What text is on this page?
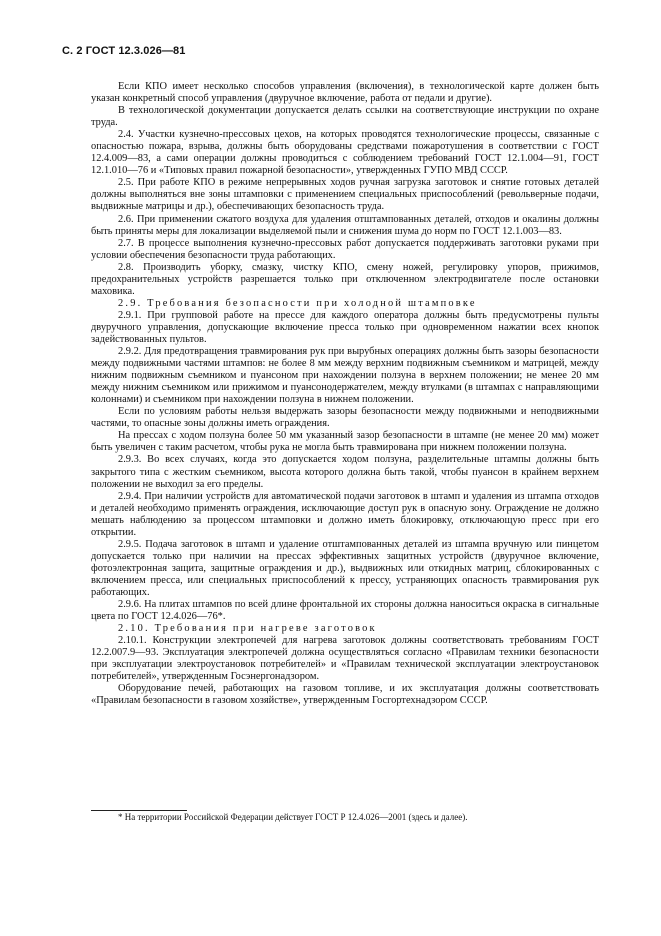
С. 2 ГОСТ 12.3.026—81

Если КПО имеет несколько способов управления (включения), в технологической карте должен быть указан конкретный способ управления (двуручное включение, работа от педали и другие).

В технологической документации допускается делать ссылки на соответствующие инструкции по охране труда.

2.4. Участки кузнечно-прессовых цехов, на которых проводятся технологические процессы, связанные с опасностью пожара, взрыва, должны быть оборудованы средствами пожаротушения в соответствии с ГОСТ 12.4.009—83, а сами операции должны проводиться с соблюдением требований ГОСТ 12.1.004—91, ГОСТ 12.1.010—76 и «Типовых правил пожарной безопасности», утвержденных ГУПО МВД СССР.

2.5. При работе КПО в режиме непрерывных ходов ручная загрузка заготовок и снятие готовых деталей должны выполняться вне зоны штамповки с применением специальных приспособлений (револьверные подачи, выдвижные матрицы и др.), обеспечивающих безопасность труда.

2.6. При применении сжатого воздуха для удаления отштампованных деталей, отходов и окалины должны быть приняты меры для локализации выделяемой пыли и снижения шума до норм по ГОСТ 12.1.003—83.

2.7. В процессе выполнения кузнечно-прессовых работ допускается поддерживать заготовки руками при условии обеспечения безопасности труда работающих.

2.8. Производить уборку, смазку, чистку КПО, смену ножей, регулировку упоров, прижимов, предохранительных устройств разрешается только при отключенном электродвигателе после остановки маховика.

2.9. Требования безопасности при холодной штамповке

2.9.1. При групповой работе на прессе для каждого оператора должны быть предусмотрены пульты двуручного управления, допускающие включение пресса только при одновременном нажатии всех кнопок задействованных пультов.

2.9.2. Для предотвращения травмирования рук при вырубных операциях должны быть зазоры безопасности между подвижными частями штампов: не более 8 мм между верхним подвижным съемником и матрицей, между нижним подвижным съемником и пуансоном при нахождении ползуна в верхнем положении; не менее 20 мм между нижним съемником или прижимом и пуансонодержателем, между втулками (в штампах с направляющими колоннами) и съемником при нахождении ползуна в нижнем положении.

Если по условиям работы нельзя выдержать зазоры безопасности между подвижными и неподвижными частями, то опасные зоны должны иметь ограждения.

На прессах с ходом ползуна более 50 мм указанный зазор безопасности в штампе (не менее 20 мм) может быть увеличен с таким расчетом, чтобы рука не могла быть травмирована при нижнем положении ползуна.

2.9.3. Во всех случаях, когда это допускается ходом ползуна, разделительные штампы должны быть закрытого типа с жестким съемником, высота которого должна быть такой, чтобы пуансон в крайнем верхнем положении не выходил за его пределы.

2.9.4. При наличии устройств для автоматической подачи заготовок в штамп и удаления из штампа отходов и деталей необходимо применять ограждения, исключающие доступ рук в опасную зону. Ограждение не должно мешать наблюдению за процессом штамповки и должно иметь блокировку, отключающую пресс при его открытии.

2.9.5. Подача заготовок в штамп и удаление отштампованных деталей из штампа вручную или пинцетом допускается только при наличии на прессах эффективных защитных устройств (двуручное включение, фотоэлектронная защита, защитные ограждения и др.), выдвижных или откидных матриц, сблокированных с включением пресса, или специальных приспособлений к прессу, устраняющих опасность травмирования рук работающих.

2.9.6. На плитах штампов по всей длине фронтальной их стороны должна наноситься окраска в сигнальные цвета по ГОСТ 12.4.026—76*.

2.10. Требования при нагреве заготовок

2.10.1. Конструкции электропечей для нагрева заготовок должны соответствовать требованиям ГОСТ 12.2.007.9—93. Эксплуатация электропечей должна осуществляться согласно «Правилам техники безопасности при эксплуатации электроустановок потребителей» и «Правилам технической эксплуатации электроустановок потребителей», утвержденным Госэнергонадзором.

Оборудование печей, работающих на газовом топливе, и их эксплуатация должны соответствовать «Правилам безопасности в газовом хозяйстве», утвержденным Госгортехнадзором СССР.

* На территории Российской Федерации действует ГОСТ Р 12.4.026—2001 (здесь и далее).
